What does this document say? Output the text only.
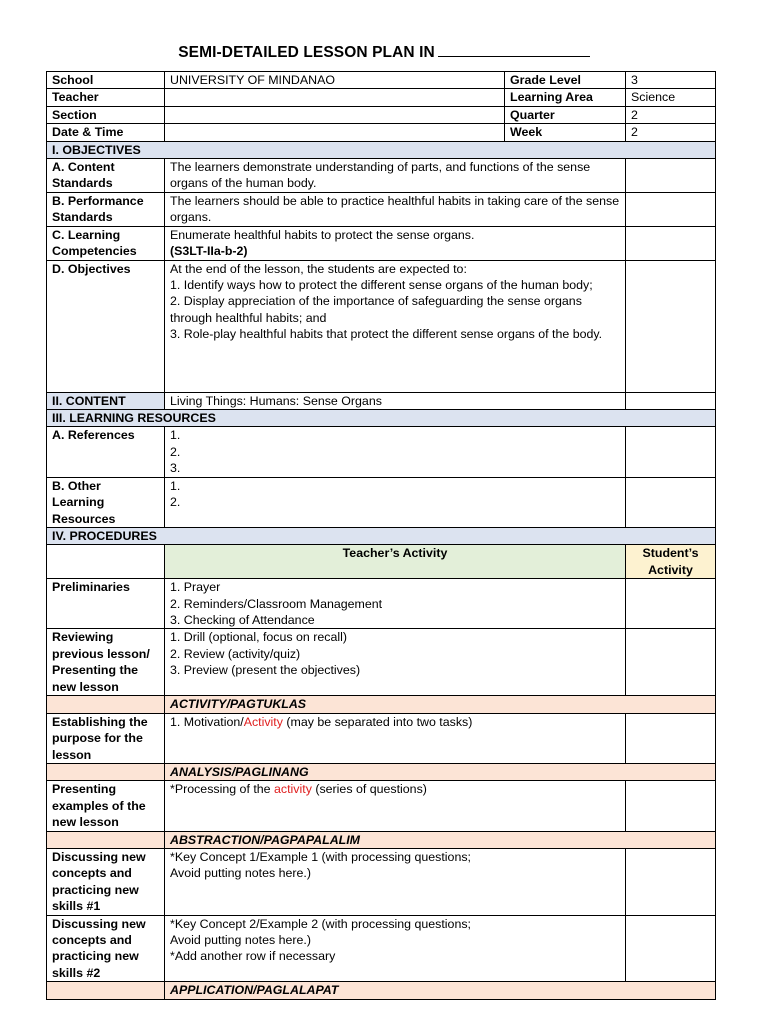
SEMI-DETAILED LESSON PLAN IN
School	UNIVERSITY OF MINDANAO	Grade Level	3
Teacher		Learning Area	Science
Section		Quarter	2
Date & Time		Week	2
I. OBJECTIVES			

A. Content
Standards	The learners demonstrate understanding of parts, and functions of the sense organs of the human body.		

B. Performance
Standards	The learners should be able to practice healthful habits in taking care of the sense organs.		

C. Learning
Competencies	Enumerate healthful habits to protect the sense organs.
(S3LT-IIa-b-2)		

D. Objectives	At the end of the lesson, the students are expected to:
1. Identify ways how to protect the different sense organs of the human body;
2. Display appreciation of the importance of safeguarding the sense organs through healthful habits; and
3. Role-play healthful habits that protect the different sense organs of the body.		

II. CONTENT	Living Things: Humans: Sense Organs		
III. LEARNING RESOURCES			
A. References	1.
2.
3.		

B. Other
Learning
Resources	1.
2.		

IV. PROCEDURES			
	Teacher’s Activity		Student’s Activity
Preliminaries	1. Prayer
2. Reminders/Classroom Management
3. Checking of Attendance		

Reviewing
previous lesson/
Presenting the
new lesson	1. Drill (optional, focus on recall)
2. Review (activity/quiz)
3. Preview (present the objectives)		

	ACTIVITY/PAGTUKLAS		

Establishing the
purpose for the
lesson	1. Motivation/Activity (may be separated into two tasks)		
	ANALYSIS/PAGLINANG		

Presenting
examples of the
new lesson	*Processing of the activity (series of questions)		
	ABSTRACTION/PAGPAPALALIM		

Discussing new
concepts and
practicing new
skills #1	*Key Concept 1/Example 1 (with processing questions;
Avoid putting notes here.)		

Discussing new
concepts and
practicing new
skills #2	*Key Concept 2/Example 2 (with processing questions;
Avoid putting notes here.)
*Add another row if necessary		

	APPLICATION/PAGLALAPAT		
